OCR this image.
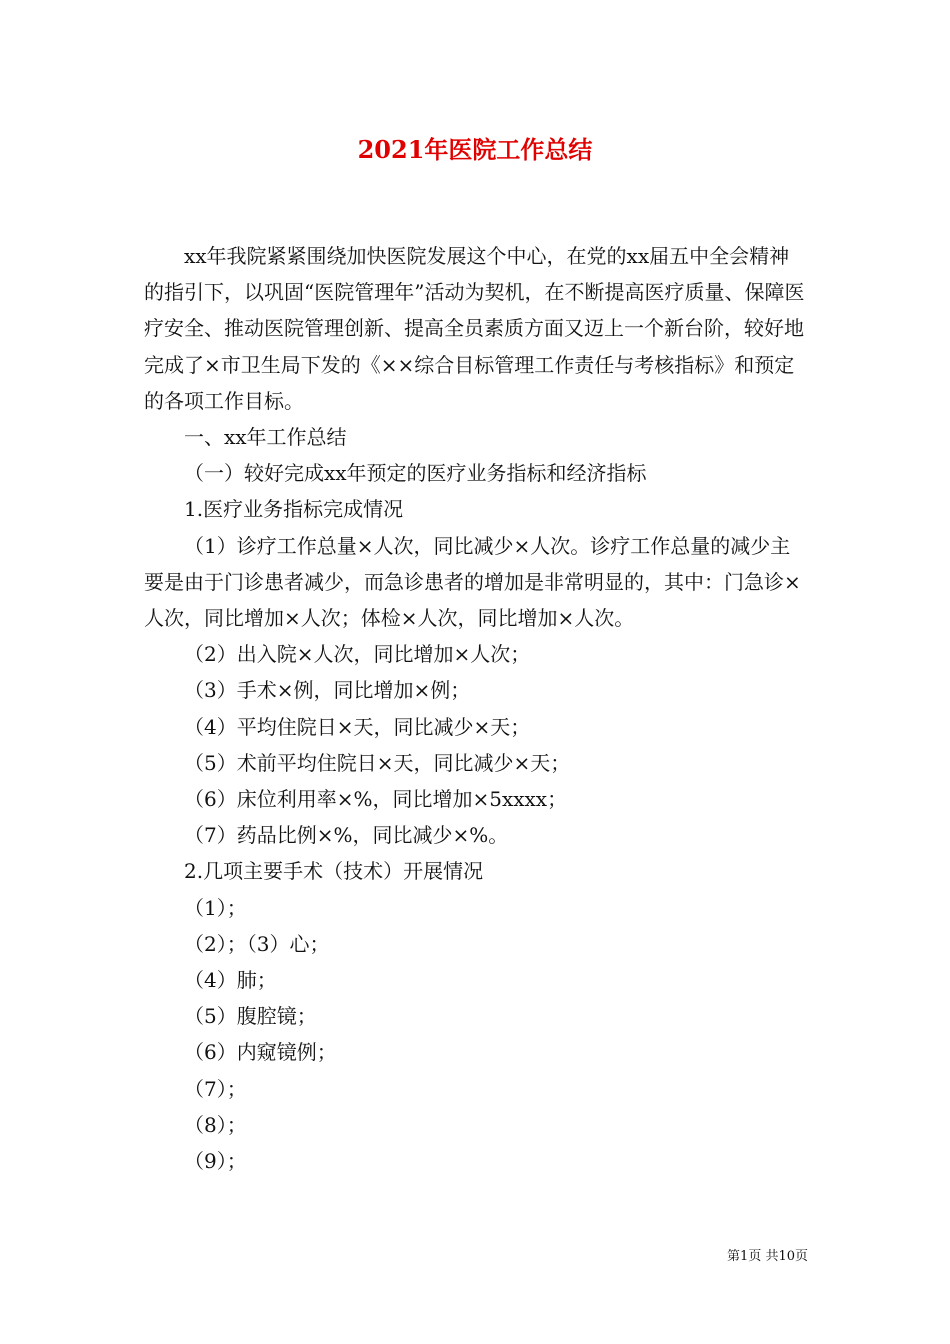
2021年医院工作总结

xx年我院紧紧围绕加快医院发展这个中心，在党的xx届五中全会精神的指引下，以巩固“医院管理年”活动为契机，在不断提高医疗质量、保障医疗安全、推动医院管理创新、提高全员素质方面又迈上一个新台阶，较好地完成了×市卫生局下发的《××综合目标管理工作责任与考核指标》和预定的各项工作目标。

一、xx年工作总结

（一）较好完成xx年预定的医疗业务指标和经济指标

1.医疗业务指标完成情况

（1）诊疗工作总量×人次，同比减少×人次。诊疗工作总量的减少主要是由于门诊患者减少，而急诊患者的增加是非常明显的，其中：门急诊×人次，同比增加×人次；体检×人次，同比增加×人次。

（2）出入院×人次，同比增加×人次；

（3）手术×例，同比增加×例；

（4）平均住院日×天，同比减少×天；

（5）术前平均住院日×天，同比减少×天；

（6）床位利用率×%，同比增加×5xxxx；

（7）药品比例×%，同比减少×%。

2.几项主要手术（技术）开展情况

（1）；

（2）；（3）心；

（4）肺；

（5）腹腔镜；

（6）内窥镜例；

（7）；

（8）；

（9）；

第1页 共10页
